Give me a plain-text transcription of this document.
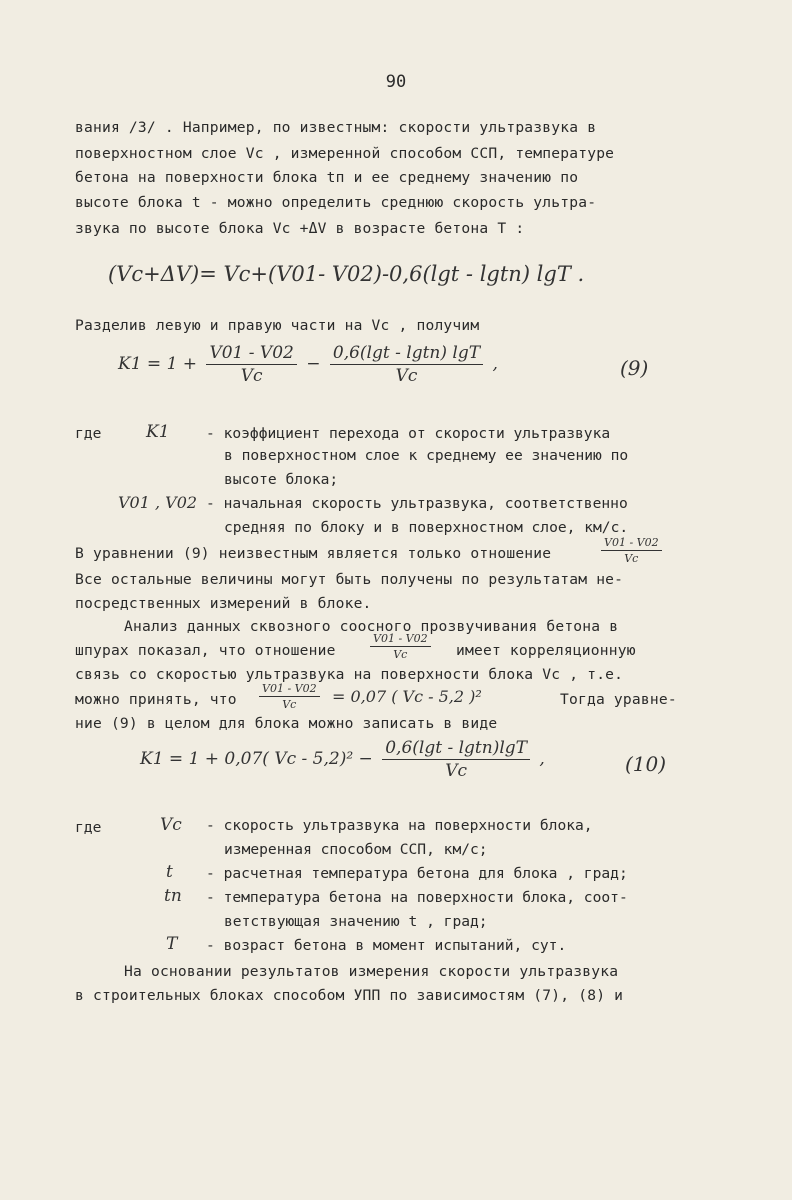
90
вания /3/ . Например, по известным: скорости ультразвука в
поверхностном слое Vс , измеренной способом ССП, температуре
бетона на поверхности блока tп и ее среднему значению по
высоте блока t - можно определить среднюю скорость ультра-
звука по высоте блока Vс +ΔV в возрасте бетона Т :
(Vс+ΔV)= Vс+(V01- V02)-0,6(lgt - lgtп) lgT .
Разделив левую и правую части на Vс , получим
$K1 = 1 + \frac{V01 - V02}{Vс} - \frac{0,6(\lg t - \lg tп) \lg T}{Vс}$ ,	(9)
где	K1 - коэффициент перехода от скорости ультразвука
в поверхностном слое к среднему ее значению по
высоте блока;
V01 , V02 - начальная скорость ультразвука, соответственно
средняя по блоку и в поверхностном слое, км/с.
В уравнении (9) неизвестным является только отношение	$\frac{V01 - V02}{Vс}$
Все остальные величины могут быть получены по результатам не-
посредственных измерений в блоке.
Анализ данных сквозного соосного прозвучивания бетона в
шпурах показал, что отношение	$\frac{V01 - V02}{Vс}$ имеет корреляционную
связь со скоростью ультразвука на поверхности блока Vс , т.е.
можно принять, что	$\frac{V01 - V02}{Vс} = 0,07$ ( Vс - 5,2 )²	Тогда уравне-
ние (9) в целом для блока можно записать в виде
K1 = 1 + 0,07( Vс - $5,2)^2 - \frac{0,6(\lg t - \lg tп)\lg T}{Vс}$ ,	(10)
где	Vс - скорость ультразвука на поверхности блока,
измеренная способом ССП, км/с;
t - расчетная температура бетона для блока , град;
tп - температура бетона на поверхности блока, соот-
ветствующая значению t , град;
T - возраст бетона в момент испытаний, сут.
На основании результатов измерения скорости ультразвука
в строительных блоках способом УПП по зависимостям (7), (8) и
